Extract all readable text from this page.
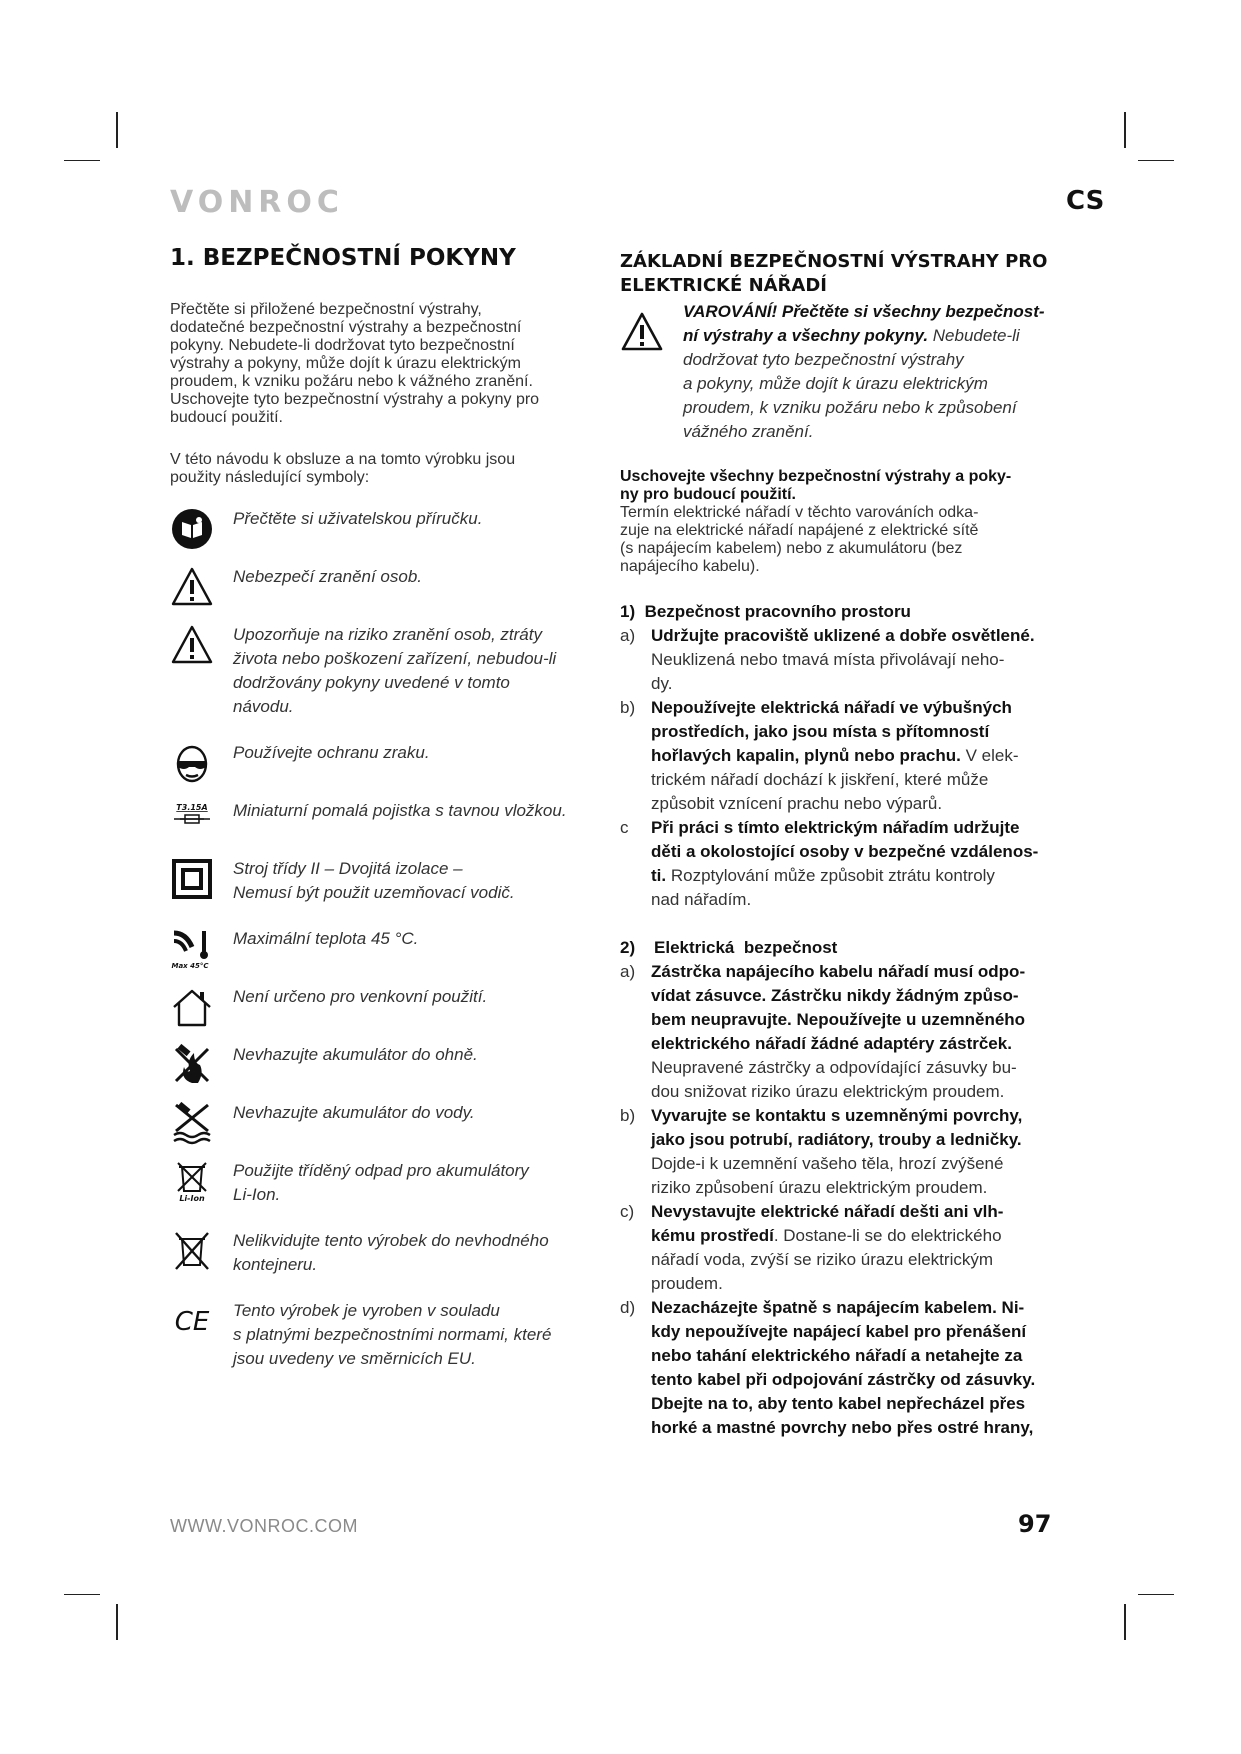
VONROC	CS
1. BEZPEČNOSTNÍ POKYNY
Přečtěte si přiložené bezpečnostní výstrahy,
dodatečné bezpečnostní výstrahy a bezpečnostní
pokyny. Nebudete-li dodržovat tyto bezpečnostní
výstrahy a pokyny, může dojít k úrazu elektrickým
proudem, k vzniku požáru nebo k vážného zranění.
Uschovejte tyto bezpečnostní výstrahy a pokyny pro
budoucí použití.
V této návodu k obsluze a na tomto výrobku jsou
použity následující symboly:
Přečtěte si uživatelskou příručku.
Nebezpečí zranění osob.
Upozorňuje na riziko zranění osob, ztráty
života nebo poškození zařízení, nebudou-li
dodržovány pokyny uvedené v tomto
návodu.
Používejte ochranu zraku.
T3.15A Miniaturní pomalá pojistka s tavnou vložkou.
Stroj třídy II – Dvojitá izolace –
Nemusí být použit uzemňovací vodič.
Max 45°C
Maximální teplota 45 °C.
Není určeno pro venkovní použití.
Nevhazujte akumulátor do ohně.
Nevhazujte akumulátor do vody.
Li-Ion
Použijte tříděný odpad pro akumulátory
Li-Ion.
Nelikvidujte tento výrobek do nevhodného
kontejneru.
CE Tento výrobek je vyroben v souladu
s platnými bezpečnostními normami, které
jsou uvedeny ve směrnicích EU.
ZÁKLADNÍ BEZPEČNOSTNÍ VÝSTRAHY PRO
ELEKTRICKÉ NÁŘADÍ
VAROVÁNÍ! Přečtěte si všechny bezpečnost-
ní výstrahy a všechny pokyny. Nebudete-li
dodržovat tyto bezpečnostní výstrahy
a pokyny, může dojít k úrazu elektrickým
proudem, k vzniku požáru nebo k způsobení
vážného zranění.
Uschovejte všechny bezpečnostní výstrahy a poky-
ny pro budoucí použití.
Termín elektrické nářadí v těchto varováních odka-
zuje na elektrické nářadí napájené z elektrické sítě
(s napájecím kabelem) nebo z akumulátoru (bez
napájecího kabelu).
1) Bezpečnost pracovního prostoru
a) Udržujte pracoviště uklizené a dobře osvětlené.
Neuklizená nebo tmavá místa přivolávají neho-
dy.
b) Nepoužívejte elektrická nářadí ve výbušných
prostředích, jako jsou místa s přítomností
hořlavých kapalin, plynů nebo prachu. V elek-
trickém nářadí dochází k jiskření, které může
způsobit vznícení prachu nebo výparů.
c Při práci s tímto elektrickým nářadím udržujte
děti a okolostojící osoby v bezpečné vzdálenos-
ti. Rozptylování může způsobit ztrátu kontroly
nad nářadím.
2) Elektrická  bezpečnost
a) Zástrčka napájecího kabelu nářadí musí odpo-
vídat zásuvce. Zástrčku nikdy žádným způso-
bem neupravujte. Nepoužívejte u uzemněného
elektrického nářadí žádné adaptéry zástrček.
Neupravené zástrčky a odpovídající zásuvky bu-
dou snižovat riziko úrazu elektrickým proudem.
b) Vyvarujte se kontaktu s uzemněnými povrchy,
jako jsou potrubí, radiátory, trouby a ledničky.
Dojde-i k uzemnění vašeho těla, hrozí zvýšené
riziko způsobení úrazu elektrickým proudem.
c) Nevystavujte elektrické nářadí dešti ani vlh-
kému prostředí. Dostane-li se do elektrického
nářadí voda, zvýší se riziko úrazu elektrickým
proudem.
d) Nezacházejte špatně s napájecím kabelem. Ni-
kdy nepoužívejte napájecí kabel pro přenášení
nebo tahání elektrického nářadí a netahejte za
tento kabel při odpojování zástrčky od zásuvky.
Dbejte na to, aby tento kabel nepřecházel přes
horké a mastné povrchy nebo přes ostré hrany,
WWW.VONROC.COM	97
